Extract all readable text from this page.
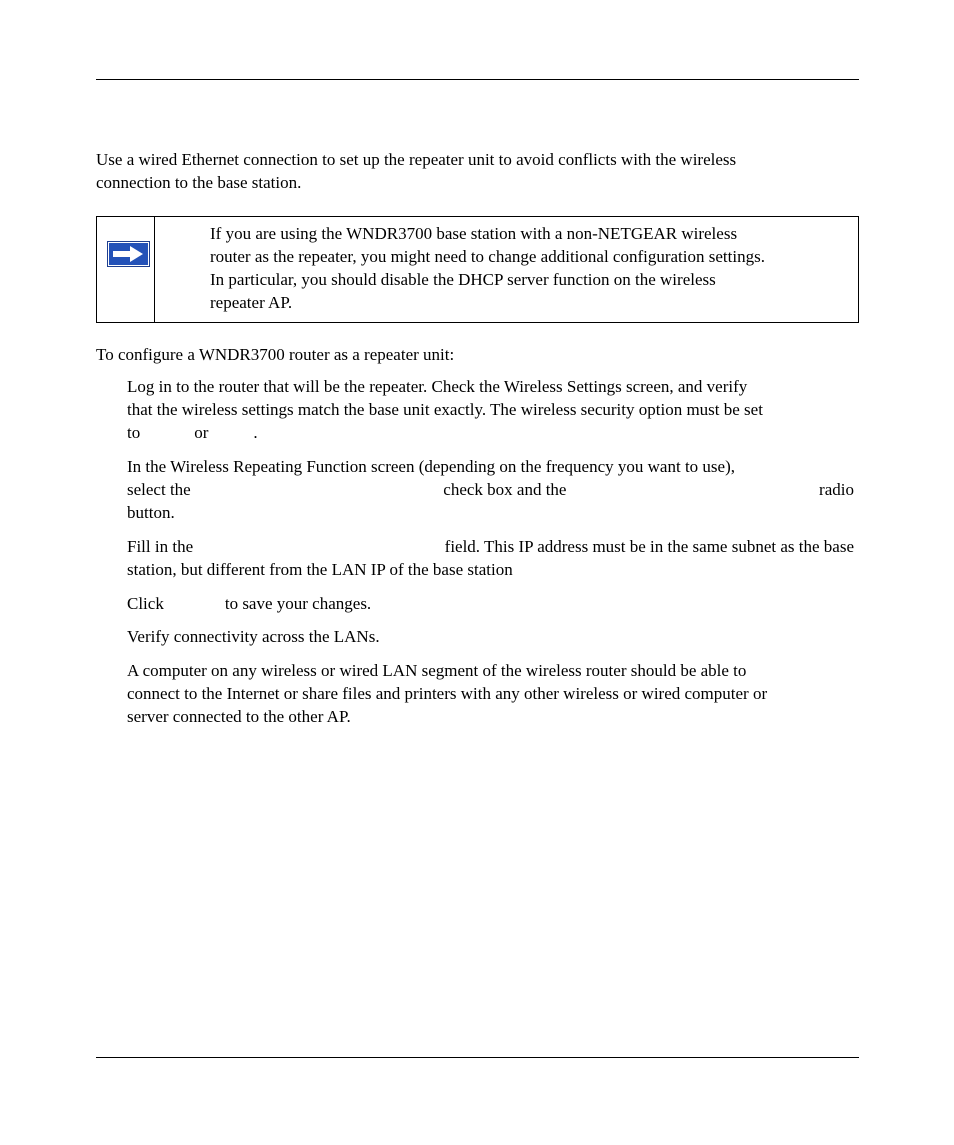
Use a wired Ethernet connection to set up the repeater unit to avoid conflicts with the wireless
connection to the base station.

If you are using the WNDR3700 base station with a non-NETGEAR wireless
router as the repeater, you might need to change additional configuration settings.
In particular, you should disable the DHCP server function on the wireless
repeater AP.

To configure a WNDR3700 router as a repeater unit:

Log in to the router that will be the repeater. Check the Wireless Settings screen, and verify
that the wireless settings match the base unit exactly. The wireless security option must be set
to	or	.
In the Wireless Repeating Function screen (depending on the frequency you want to use),
select the	check box and the	radio
button.
Fill in the	field. This IP address must be in the same subnet as the base
station, but different from the LAN IP of the base station
Click	to save your changes.
Verify connectivity across the LANs.
A computer on any wireless or wired LAN segment of the wireless router should be able to
connect to the Internet or share files and printers with any other wireless or wired computer or
server connected to the other AP.
